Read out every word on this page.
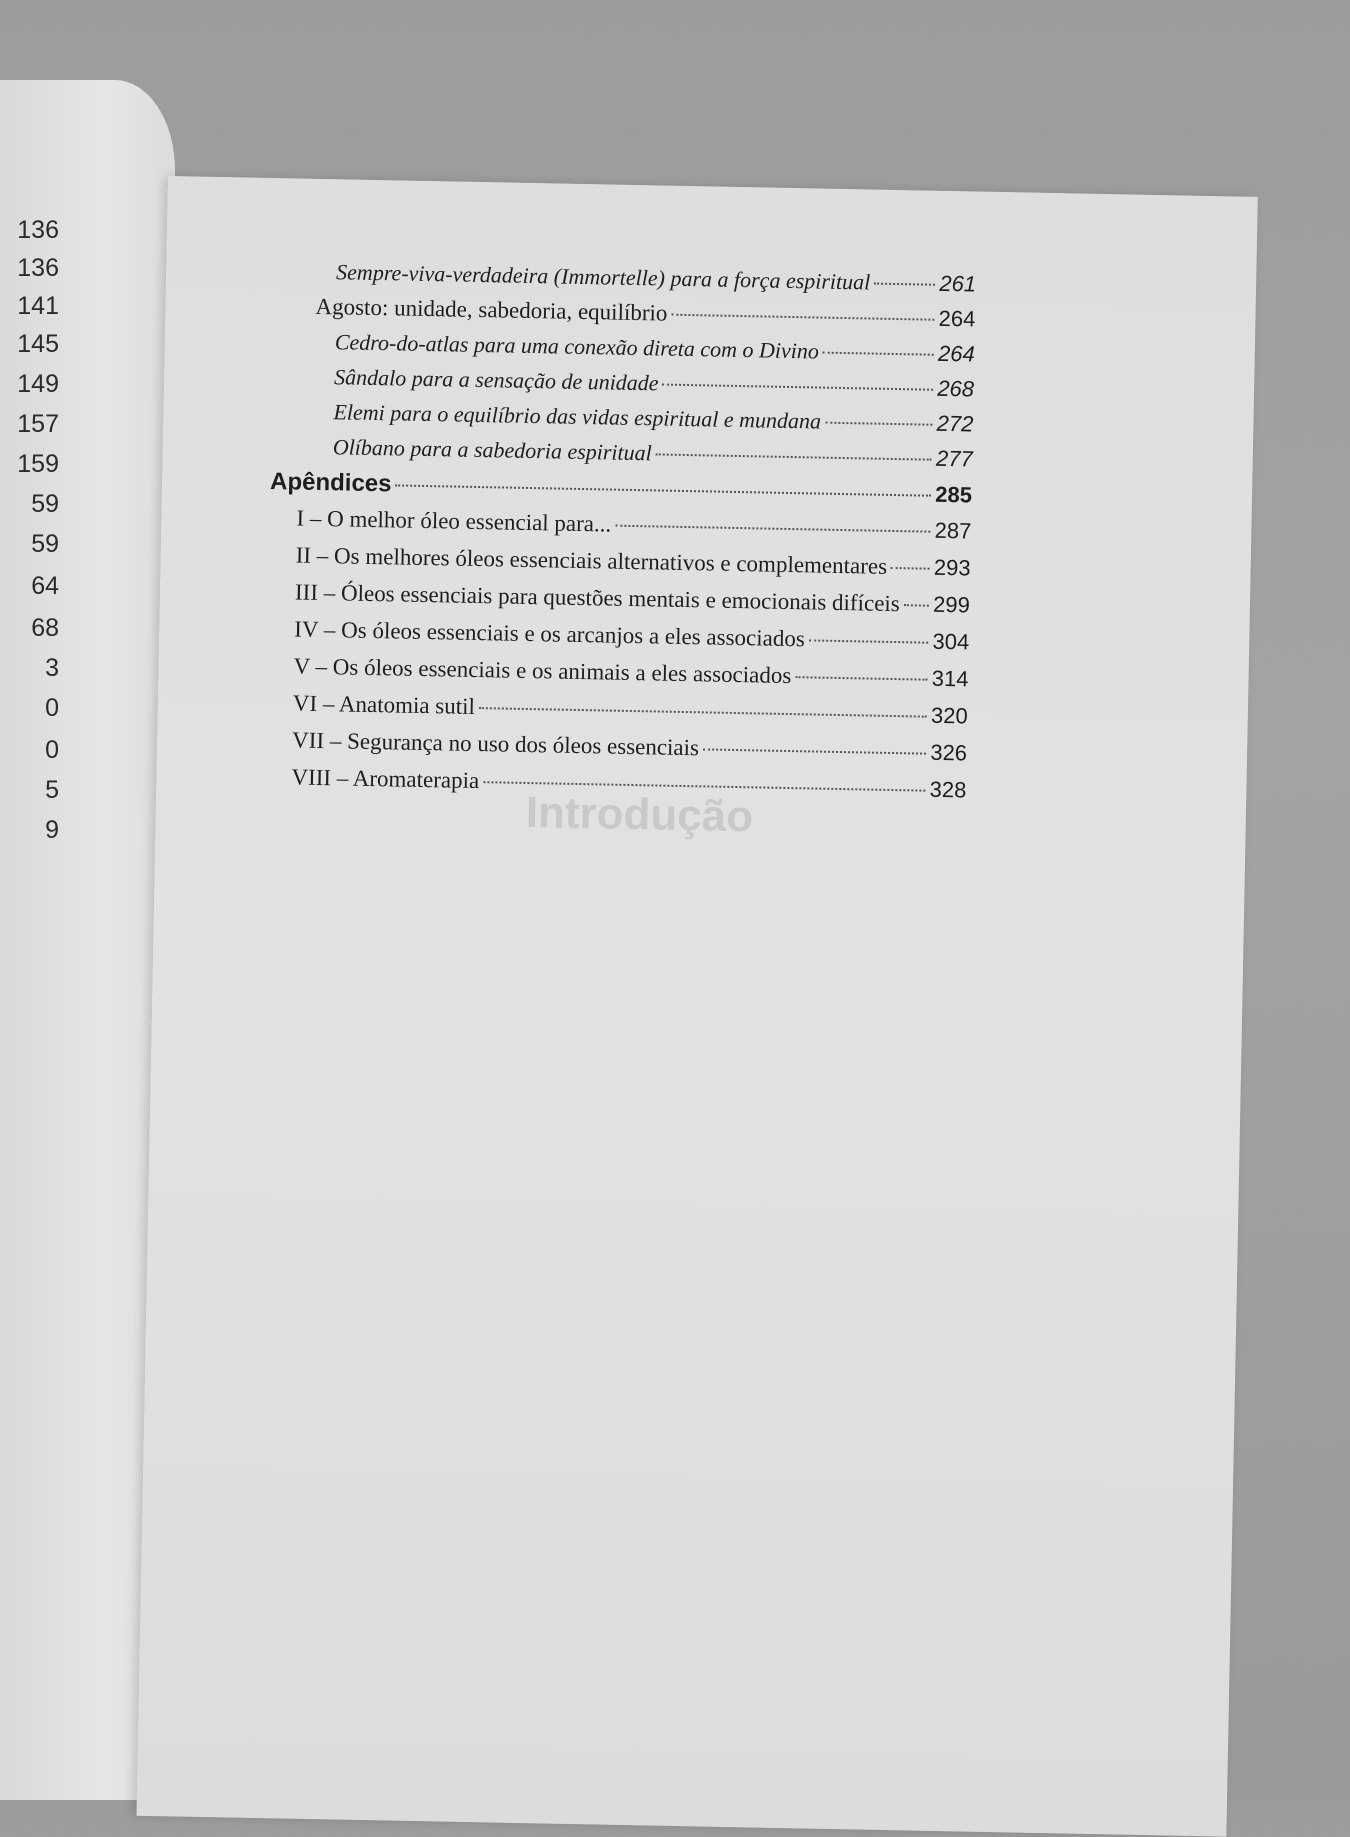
136
136
141
145
149
157
159
59
59
64
68
3
0
0
5
9	Introdução
Sempre-viva-verdadeira (Immortelle) para a força espiritual	261
Agosto: unidade, sabedoria, equilíbrio	264
Cedro-do-atlas para uma conexão direta com o Divino	264
Sândalo para a sensação de unidade	268
Elemi para o equilíbrio das vidas espiritual e mundana	272
Olíbano para a sabedoria espiritual	277
Apêndices	285
I – O melhor óleo essencial para...	287
II – Os melhores óleos essenciais alternativos e complementares 293
III – Óleos essenciais para questões mentais e emocionais difíceis 299
IV – Os óleos essenciais e os arcanjos a eles associados	304
V – Os óleos essenciais e os animais a eles associados	314
VI – Anatomia sutil	320
VII – Segurança no uso dos óleos essenciais	326
VIII – Aromaterapia	328
